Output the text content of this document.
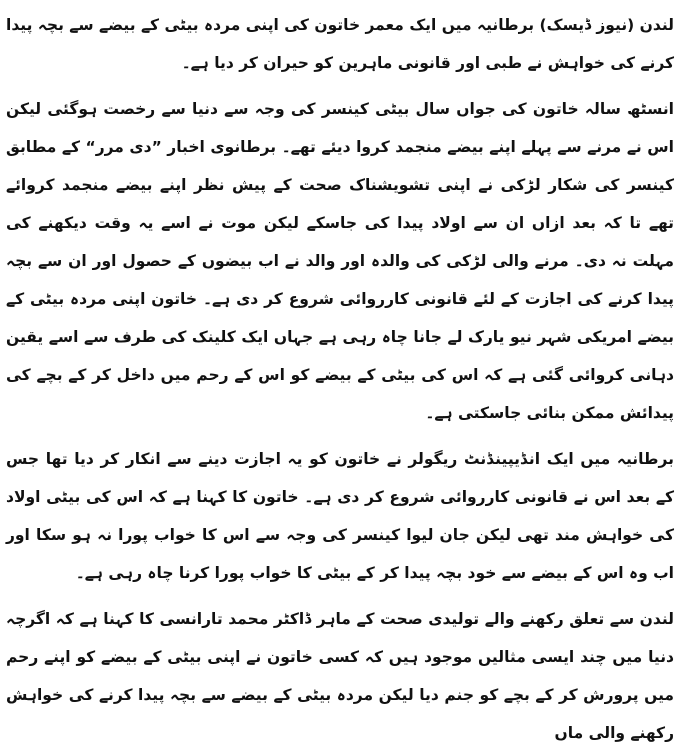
لندن (نیوز ڈیسک) برطانیہ میں ایک معمر خاتون کی اپنی مردہ بیٹی کے بیضے سے بچہ پیدا کرنے کی خواہش نے طبی اور قانونی ماہرین کو حیران کر دیا ہے۔

انسٹھ سالہ خاتون کی جواں سال بیٹی کینسر کی وجہ سے دنیا سے رخصت ہوگئی لیکن اس نے مرنے سے پہلے اپنے بیضے منجمد کروا دیئے تھے۔ برطانوی اخبار ”دی مرر“ کے مطابق کینسر کی شکار لڑکی نے اپنی تشویشناک صحت کے پیش نظر اپنے بیضے منجمد کروائے تھے تا کہ بعد ازاں ان سے اولاد پیدا کی جاسکے لیکن موت نے اسے یہ وقت دیکھنے کی مہلت نہ دی۔ مرنے والی لڑکی کی والدہ اور والد نے اب بیضوں کے حصول اور ان سے بچہ پیدا کرنے کی اجازت کے لئے قانونی کارروائی شروع کر دی ہے۔ خاتون اپنی مردہ بیٹی کے بیضے امریکی شہر نیو یارک لے جانا چاہ رہی ہے جہاں ایک کلینک کی طرف سے اسے یقین دہانی کروائی گئی ہے کہ اس کی بیٹی کے بیضے کو اس کے رحم میں داخل کر کے بچے کی پیدائش ممکن بنائی جاسکتی ہے۔

برطانیہ میں ایک انڈیپینڈنٹ ریگولر نے خاتون کو یہ اجازت دینے سے انکار کر دیا تھا جس کے بعد اس نے قانونی کارروائی شروع کر دی ہے۔ خاتون کا کہنا ہے کہ اس کی بیٹی اولاد کی خواہش مند تھی لیکن جان لیوا کینسر کی وجہ سے اس کا خواب پورا نہ ہو سکا اور اب وہ اس کے بیضے سے خود بچہ پیدا کر کے بیٹی کا خواب پورا کرنا چاہ رہی ہے۔

لندن سے تعلق رکھنے والے تولیدی صحت کے ماہر ڈاکٹر محمد تارانسی کا کہنا ہے کہ اگرچہ دنیا میں چند ایسی مثالیں موجود ہیں کہ کسی خاتون نے اپنی بیٹی کے بیضے کو اپنے رحم میں پرورش کر کے بچے کو جنم دیا لیکن مردہ بیٹی کے بیضے سے بچہ پیدا کرنے کی خواہش رکھنے والی ماں
